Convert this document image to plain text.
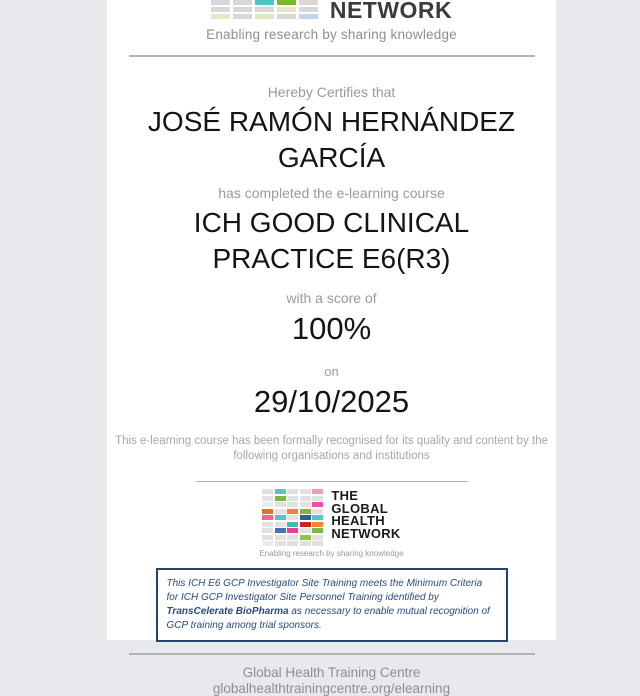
NETWORK
Enabling research by sharing knowledge
Hereby Certifies that
JOSÉ RAMÓN HERNÁNDEZ GARCÍA
has completed the e-learning course
ICH GOOD CLINICAL PRACTICE E6(R3)
with a score of
100%
on
29/10/2025
This e-learning course has been formally recognised for its quality and content by the following organisations and institutions
THE
GLOBAL
HEALTH
NETWORK
Enabling research by sharing knowledge

This ICH E6 GCP Investigator Site Training meets the Minimum Criteria for ICH GCP Investigator Site Personnel Training identified by TransCelerate BioPharma as necessary to enable mutual recognition of GCP training among trial sponsors.

Global Health Training Centre
globalhealthtrainingcentre.org/elearning
